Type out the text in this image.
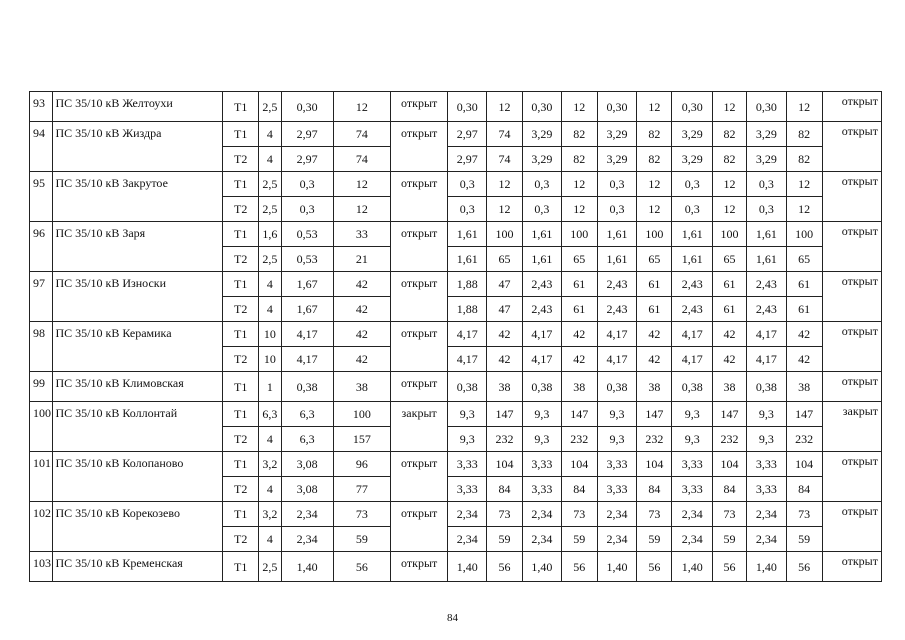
93	ПС 35/10 кВ Желтоухи	Т1	2,5	0,30	12	открыт	0,30	12	0,30	12	0,30	12	0,30	12	0,30	12	открыт
94	ПС 35/10 кВ Жиздра	Т1	4	2,97	74	открыт	2,97	74	3,29	82	3,29	82	3,29	82	3,29	82	открыт
		Т2	4	2,97	74		2,97	74	3,29	82	3,29	82	3,29	82	3,29	82	
95	ПС 35/10 кВ Закрутое	Т1	2,5	0,3	12	открыт	0,3	12	0,3	12	0,3	12	0,3	12	0,3	12	открыт
		Т2	2,5	0,3	12		0,3	12	0,3	12	0,3	12	0,3	12	0,3	12	
96	ПС 35/10 кВ Заря	Т1	1,6	0,53	33	открыт	1,61	100	1,61	100	1,61	100	1,61	100	1,61	100	открыт
		Т2	2,5	0,53	21		1,61	65	1,61	65	1,61	65	1,61	65	1,61	65	
97	ПС 35/10 кВ Износки	Т1	4	1,67	42	открыт	1,88	47	2,43	61	2,43	61	2,43	61	2,43	61	открыт
		Т2	4	1,67	42		1,88	47	2,43	61	2,43	61	2,43	61	2,43	61	
98	ПС 35/10 кВ Керамика	Т1	10	4,17	42	открыт	4,17	42	4,17	42	4,17	42	4,17	42	4,17	42	открыт
		Т2	10	4,17	42		4,17	42	4,17	42	4,17	42	4,17	42	4,17	42	
99	ПС 35/10 кВ Климовская	Т1	1	0,38	38	открыт	0,38	38	0,38	38	0,38	38	0,38	38	0,38	38	открыт
100	ПС 35/10 кВ Коллонтай	Т1	6,3	6,3	100	закрыт	9,3	147	9,3	147	9,3	147	9,3	147	9,3	147	закрыт
		Т2	4	6,3	157		9,3	232	9,3	232	9,3	232	9,3	232	9,3	232	
101	ПС 35/10 кВ Колопаново	Т1	3,2	3,08	96	открыт	3,33	104	3,33	104	3,33	104	3,33	104	3,33	104	открыт
		Т2	4	3,08	77		3,33	84	3,33	84	3,33	84	3,33	84	3,33	84	
102	ПС 35/10 кВ Корекозево	Т1	3,2	2,34	73	открыт	2,34	73	2,34	73	2,34	73	2,34	73	2,34	73	открыт
		Т2	4	2,34	59		2,34	59	2,34	59	2,34	59	2,34	59	2,34	59	
103	ПС 35/10 кВ Кременская	Т1	2,5	1,40	56	открыт	1,40	56	1,40	56	1,40	56	1,40	56	1,40	56	открыт
84
